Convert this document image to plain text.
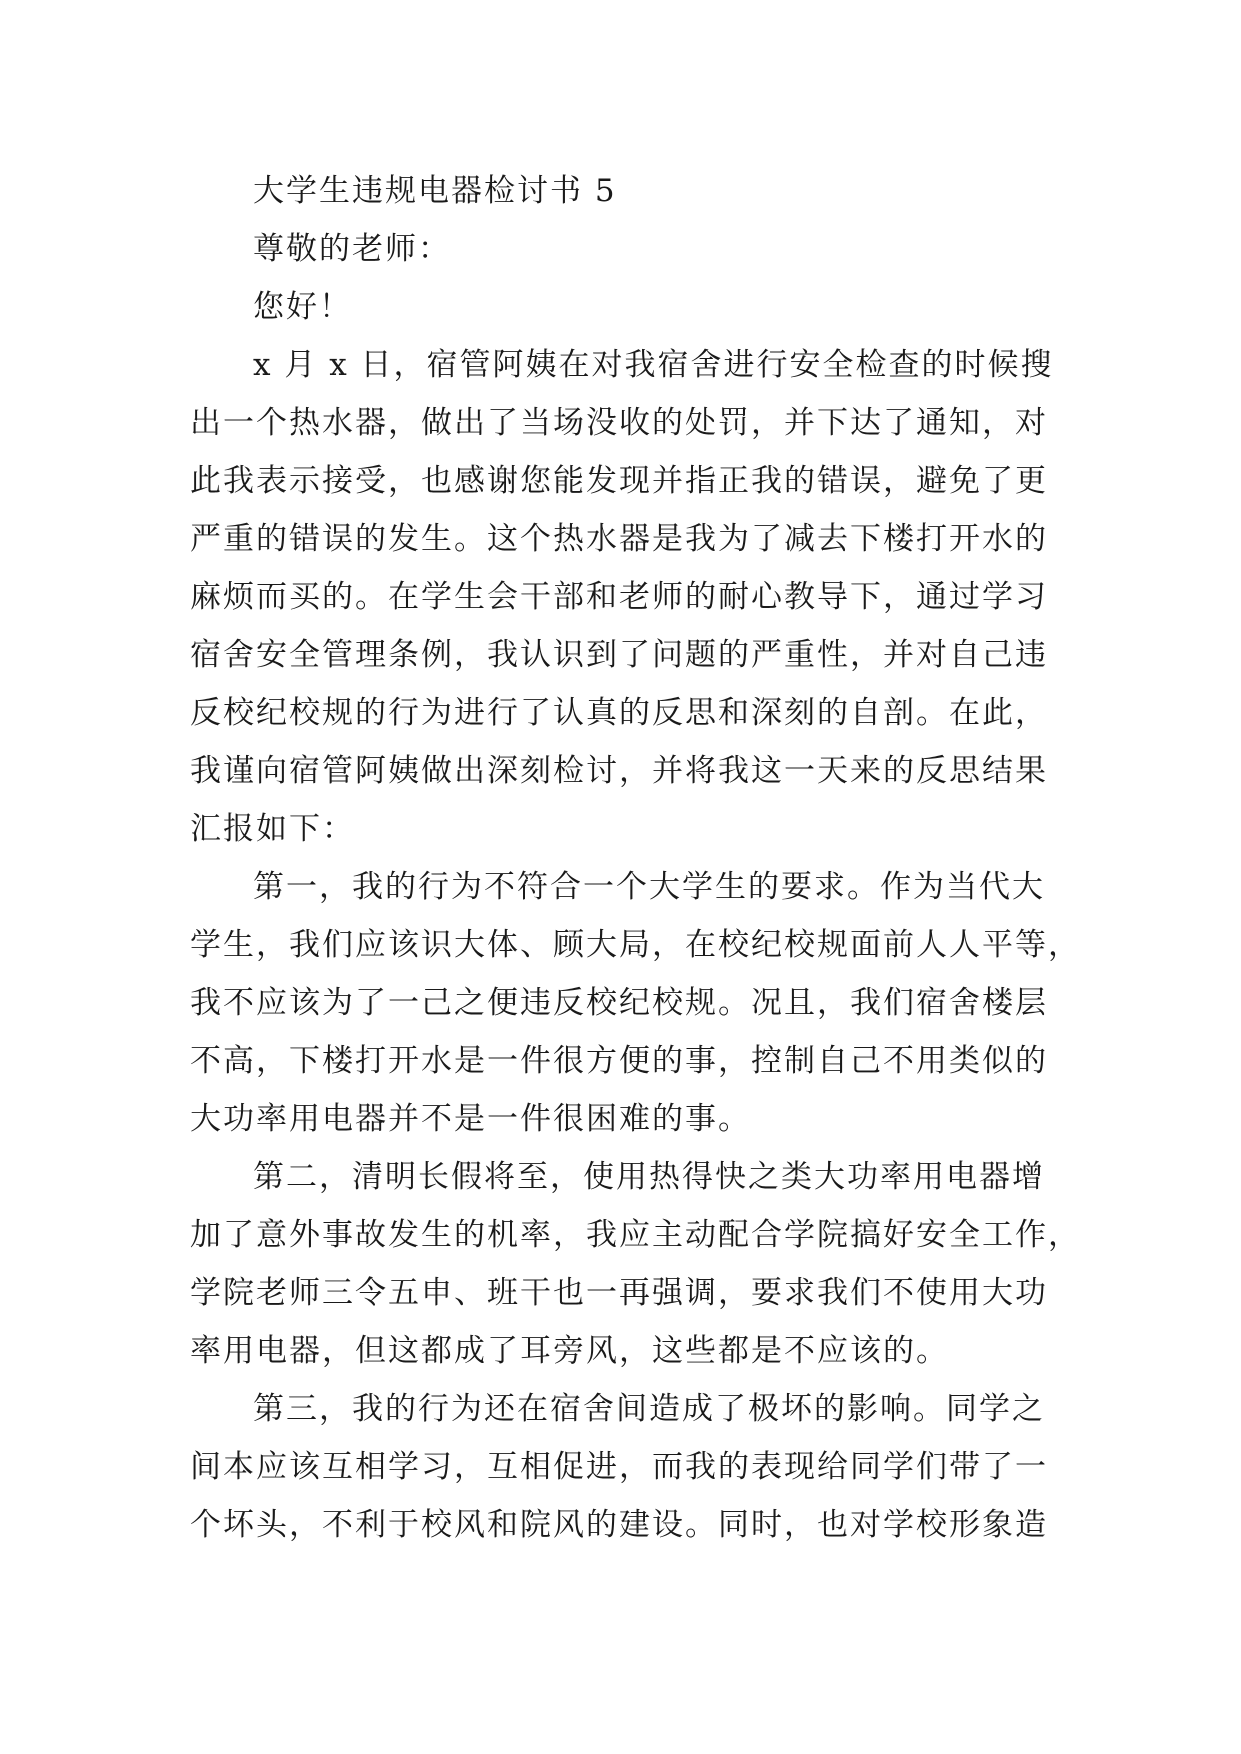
大学生违规电器检讨书 5
尊敬的老师：
您好！
x 月 x 日，宿管阿姨在对我宿舍进行安全检查的时候搜
出一个热水器，做出了当场没收的处罚，并下达了通知，对
此我表示接受，也感谢您能发现并指正我的错误，避免了更
严重的错误的发生。这个热水器是我为了减去下楼打开水的
麻烦而买的。在学生会干部和老师的耐心教导下，通过学习
宿舍安全管理条例，我认识到了问题的严重性，并对自己违
反校纪校规的行为进行了认真的反思和深刻的自剖。在此，
我谨向宿管阿姨做出深刻检讨，并将我这一天来的反思结果
汇报如下：
第一，我的行为不符合一个大学生的要求。作为当代大
学生，我们应该识大体、顾大局，在校纪校规面前人人平等，
我不应该为了一己之便违反校纪校规。况且，我们宿舍楼层
不高，下楼打开水是一件很方便的事，控制自己不用类似的
大功率用电器并不是一件很困难的事。
第二，清明长假将至，使用热得快之类大功率用电器增
加了意外事故发生的机率，我应主动配合学院搞好安全工作，
学院老师三令五申、班干也一再强调，要求我们不使用大功
率用电器，但这都成了耳旁风，这些都是不应该的。
第三，我的行为还在宿舍间造成了极坏的影响。同学之
间本应该互相学习，互相促进，而我的表现给同学们带了一
个坏头，不利于校风和院风的建设。同时，也对学校形象造
